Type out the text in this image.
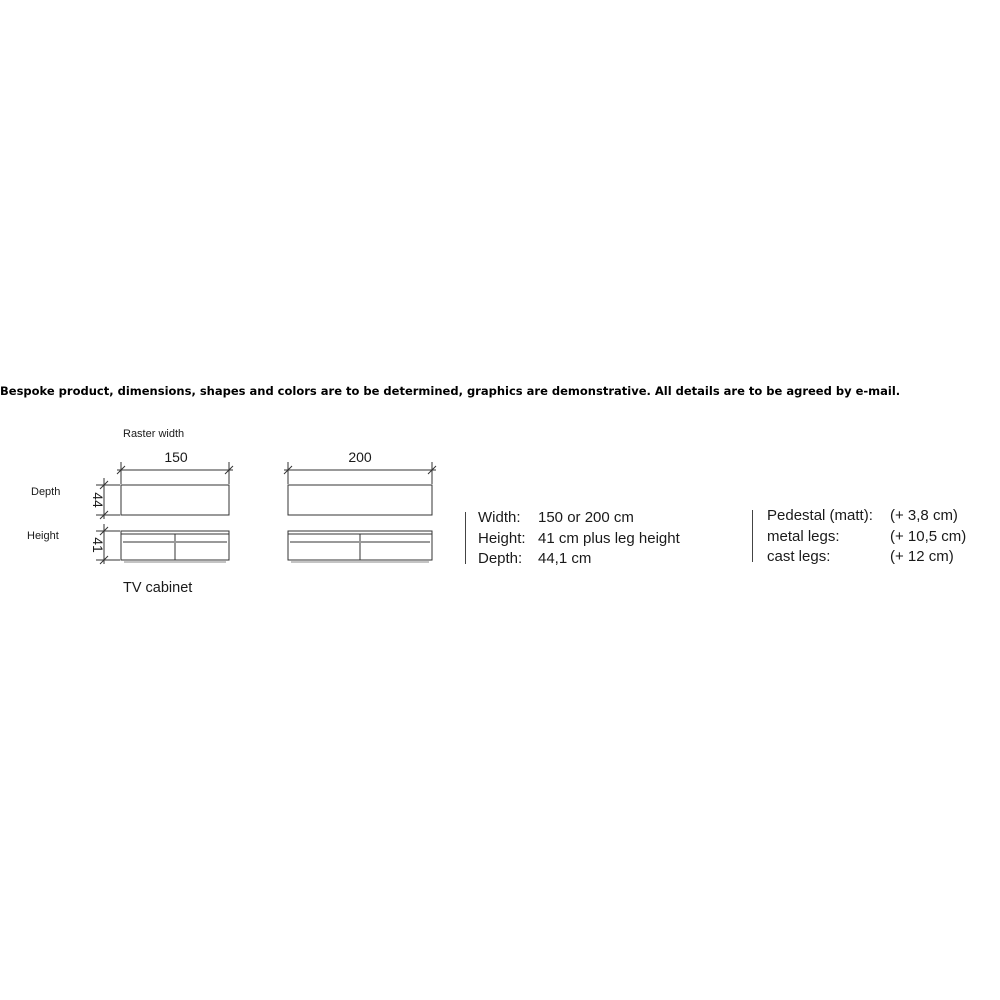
Bespoke product, dimensions, shapes and colors are to be determined, graphics are demonstrative. All details are to be agreed by e-mail.
Raster width
150	200
Depth
Height
44
41
TV cabinet
Width: 150 or 200 cm
Height: 41 cm plus leg height
Depth: 44,1 cm
Pedestal (matt): (+ 3,8 cm)
metal legs:	(+ 10,5 cm)
cast legs:	(+ 12 cm)
